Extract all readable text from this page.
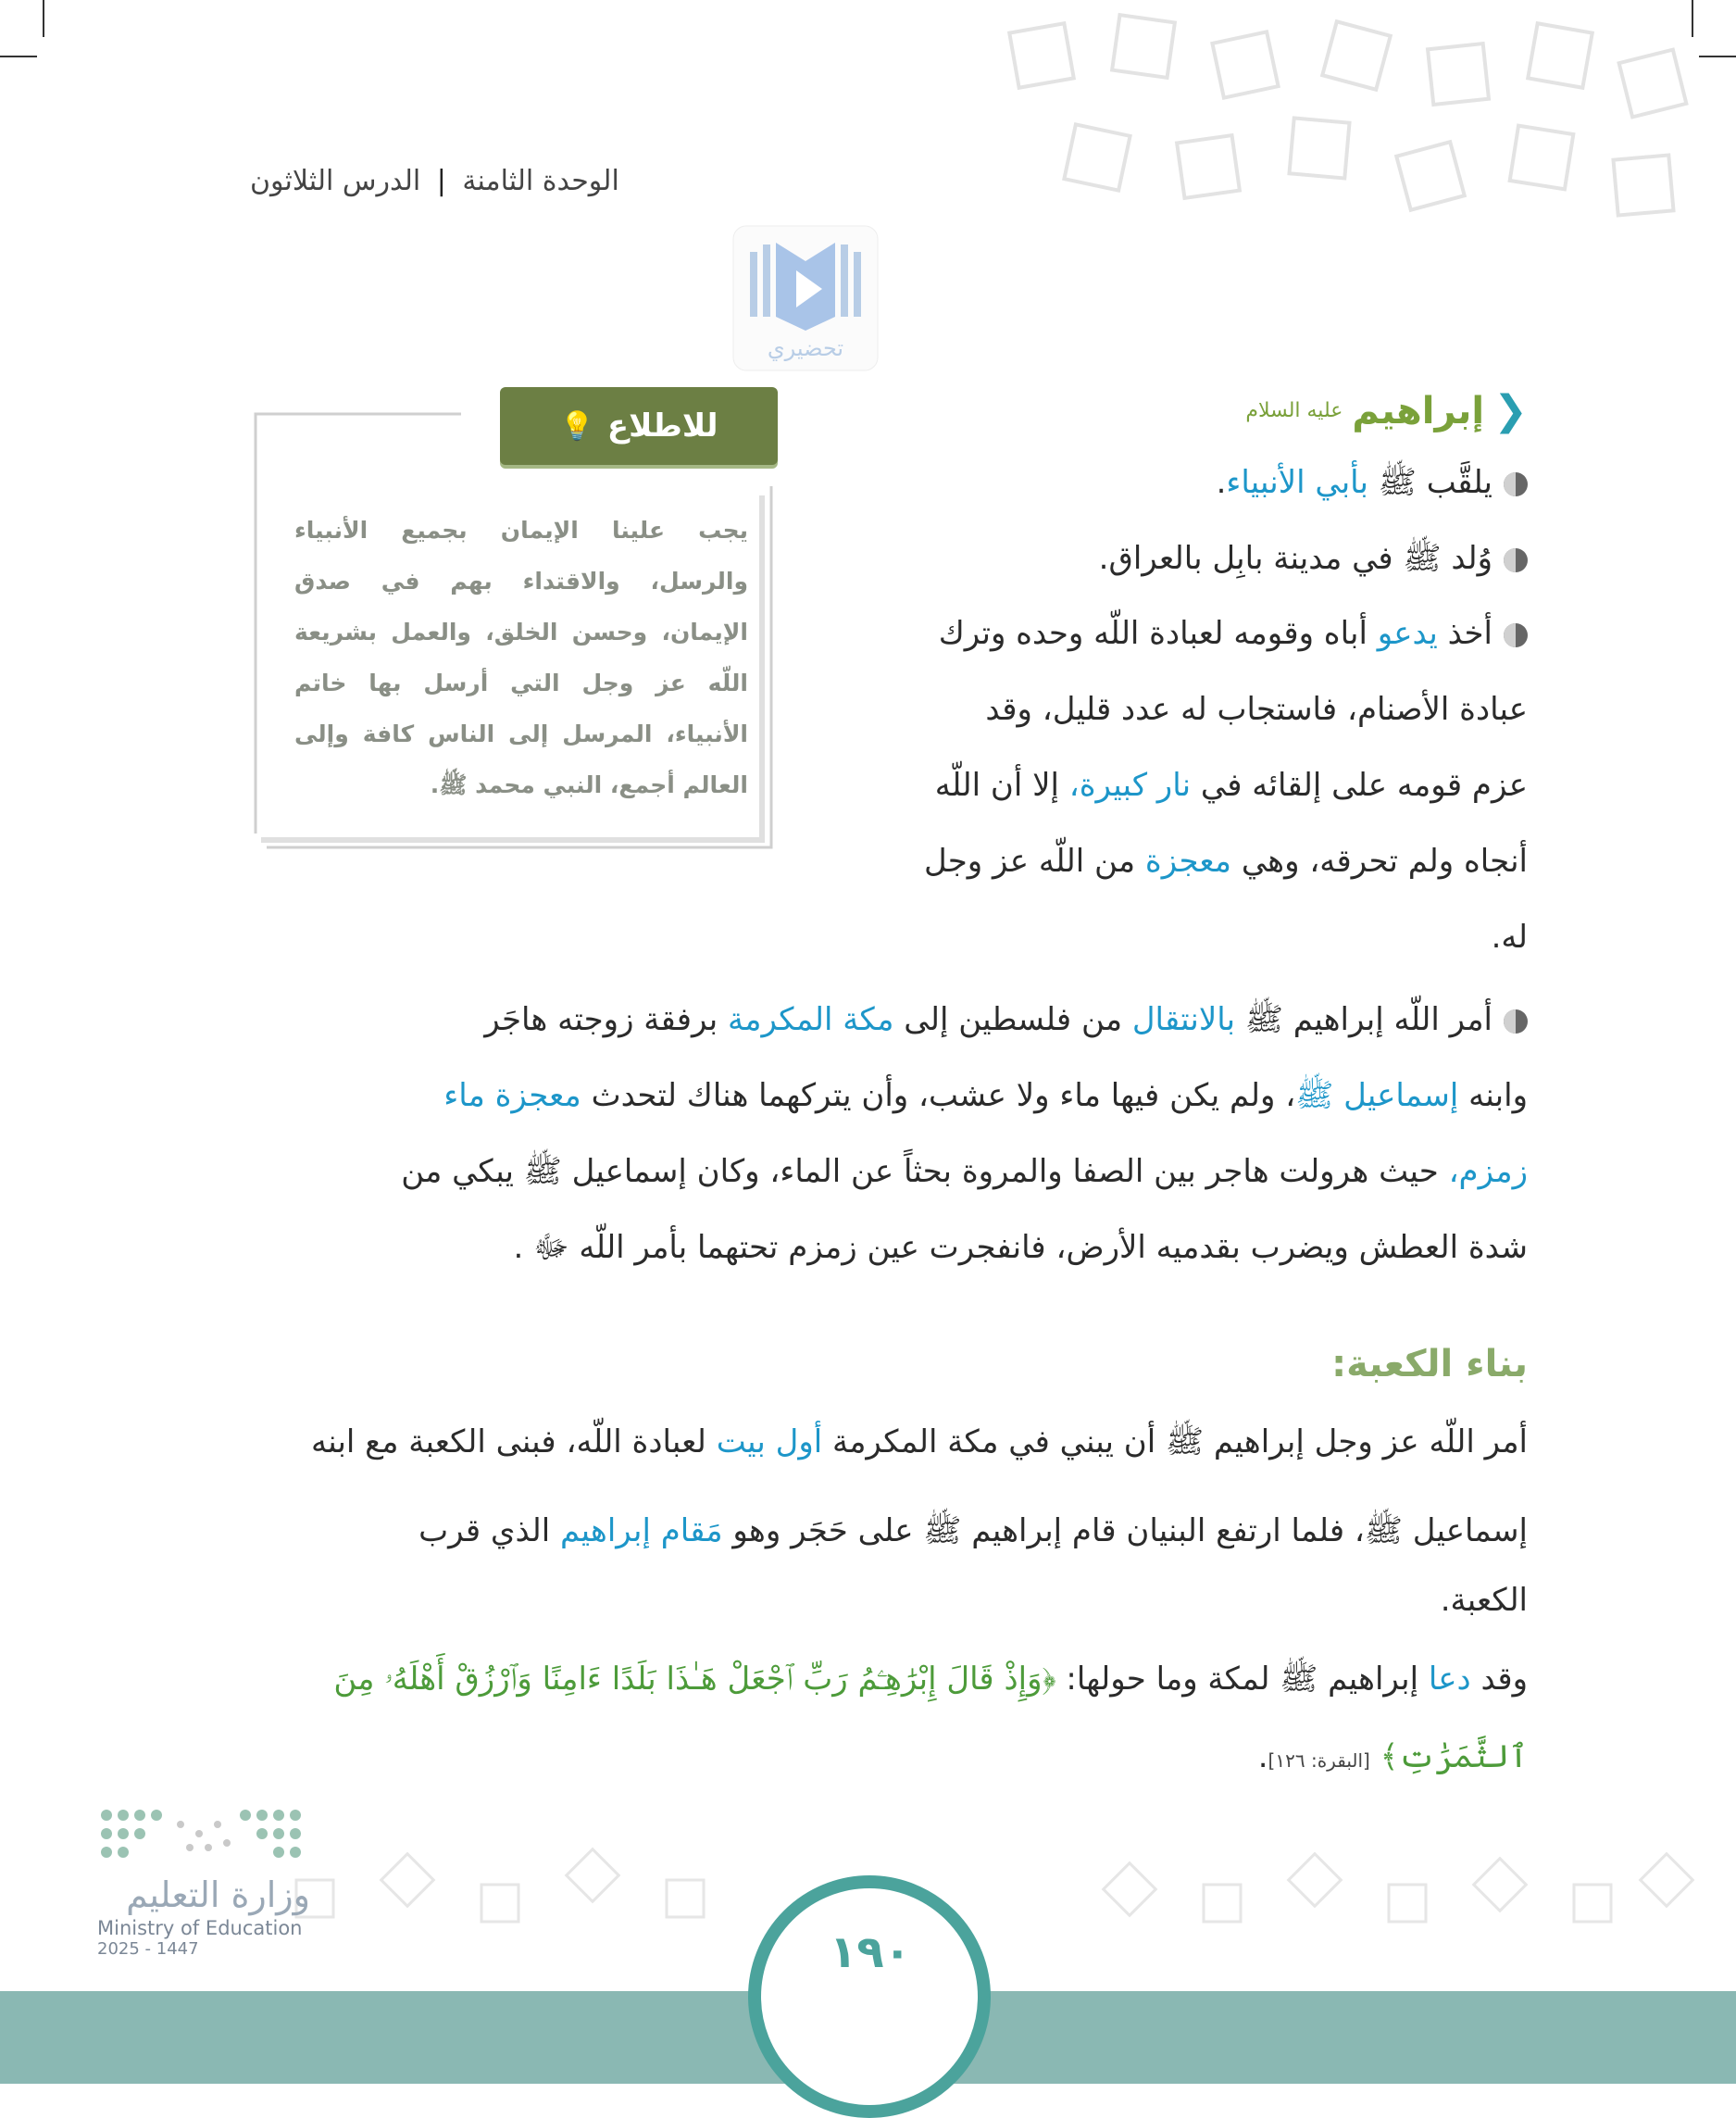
الوحدة الثامنة | الدرس الثلاثون
تحضيري
❮
إبراهيم
عليه السلام
يلقَّب ﷺ بأبي الأنبياء.
وُلد ﷺ في مدينة بابِل بالعراق.
أخذ يدعو أباه وقومه لعبادة اللّه وحده وترك
عبادة الأصنام، فاستجاب له عدد قليل، وقد
عزم قومه على إلقائه في نار كبيرة، إلا أن اللّه
أنجاه ولم تحرقه، وهي معجزة من اللّه عز وجل
له.
للاطلاع
💡
يجب علينا الإيمان بجميع الأنبياء والرسل، والاقتداء بهم في صدق الإيمان، وحسن الخلق، والعمل بشريعة اللّه عز وجل التي أرسل بها خاتم الأنبياء، المرسل إلى الناس كافة وإلى العالم أجمع، النبي محمد ﷺ.
أمر اللّه إبراهيم ﷺ بالانتقال من فلسطين إلى مكة المكرمة برفقة زوجته هاجَر
وابنه إسماعيل ﷺ، ولم يكن فيها ماء ولا عشب، وأن يتركهما هناك لتحدث معجزة ماء
زمزم، حيث هرولت هاجر بين الصفا والمروة بحثاً عن الماء، وكان إسماعيل ﷺ يبكي من
شدة العطش ويضرب بقدميه الأرض، فانفجرت عين زمزم تحتهما بأمر اللّه ﷻ .
بناء الكعبة:
أمر اللّه عز وجل إبراهيم ﷺ أن يبني في مكة المكرمة أول بيت لعبادة اللّه، فبنى الكعبة مع ابنه
إسماعيل ﷺ، فلما ارتفع البنيان قام إبراهيم ﷺ على حَجَر وهو مَقام إبراهيم الذي قرب
الكعبة.
وقد دعا إبراهيم ﷺ لمكة وما حولها: ﴿وَإِذْ قَالَ إِبْرَٰهِـۧمُ رَبِّ ٱجْعَلْ هَـٰذَا بَلَدًا ءَامِنًا وَٱرْزُقْ أَهْلَهُۥ مِنَ
ٱلثَّمَرَٰتِ﴾ [البقرة: ١٢٦].
١٩٠
وزارة التعليم
Ministry of Education
2025 - 1447
